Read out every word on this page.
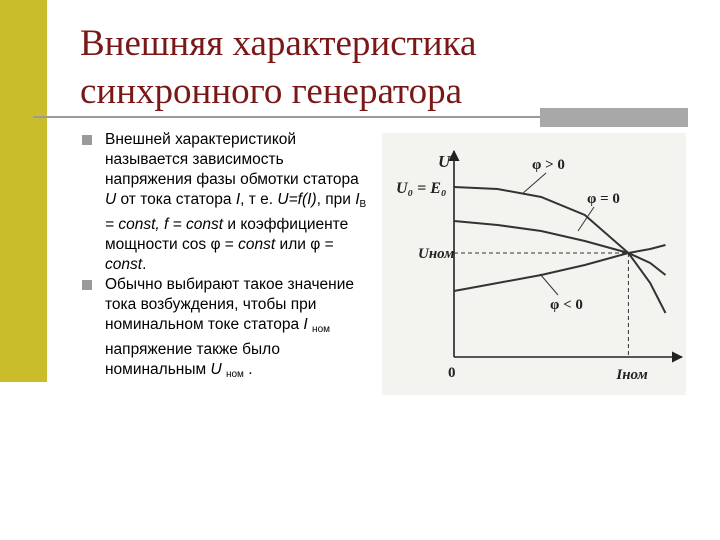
Внешняя характеристика
синхронного генератора
Внешней характеристикой называется зависимость напряжения фазы обмотки статора U от тока статора I, т е. U=f(I), при $I_B$ = const, f = const и коэффициенте мощности cos φ = const или φ = const.
Обычно выбирают такое значение тока возбуждения, чтобы при номинальном токе статора I $_{ном}$ напряжение также было номинальным U $_{ном}$ .
φ > 0
φ = 0
φ < 0
U
U₀ = E₀
Uном
0	Iном
